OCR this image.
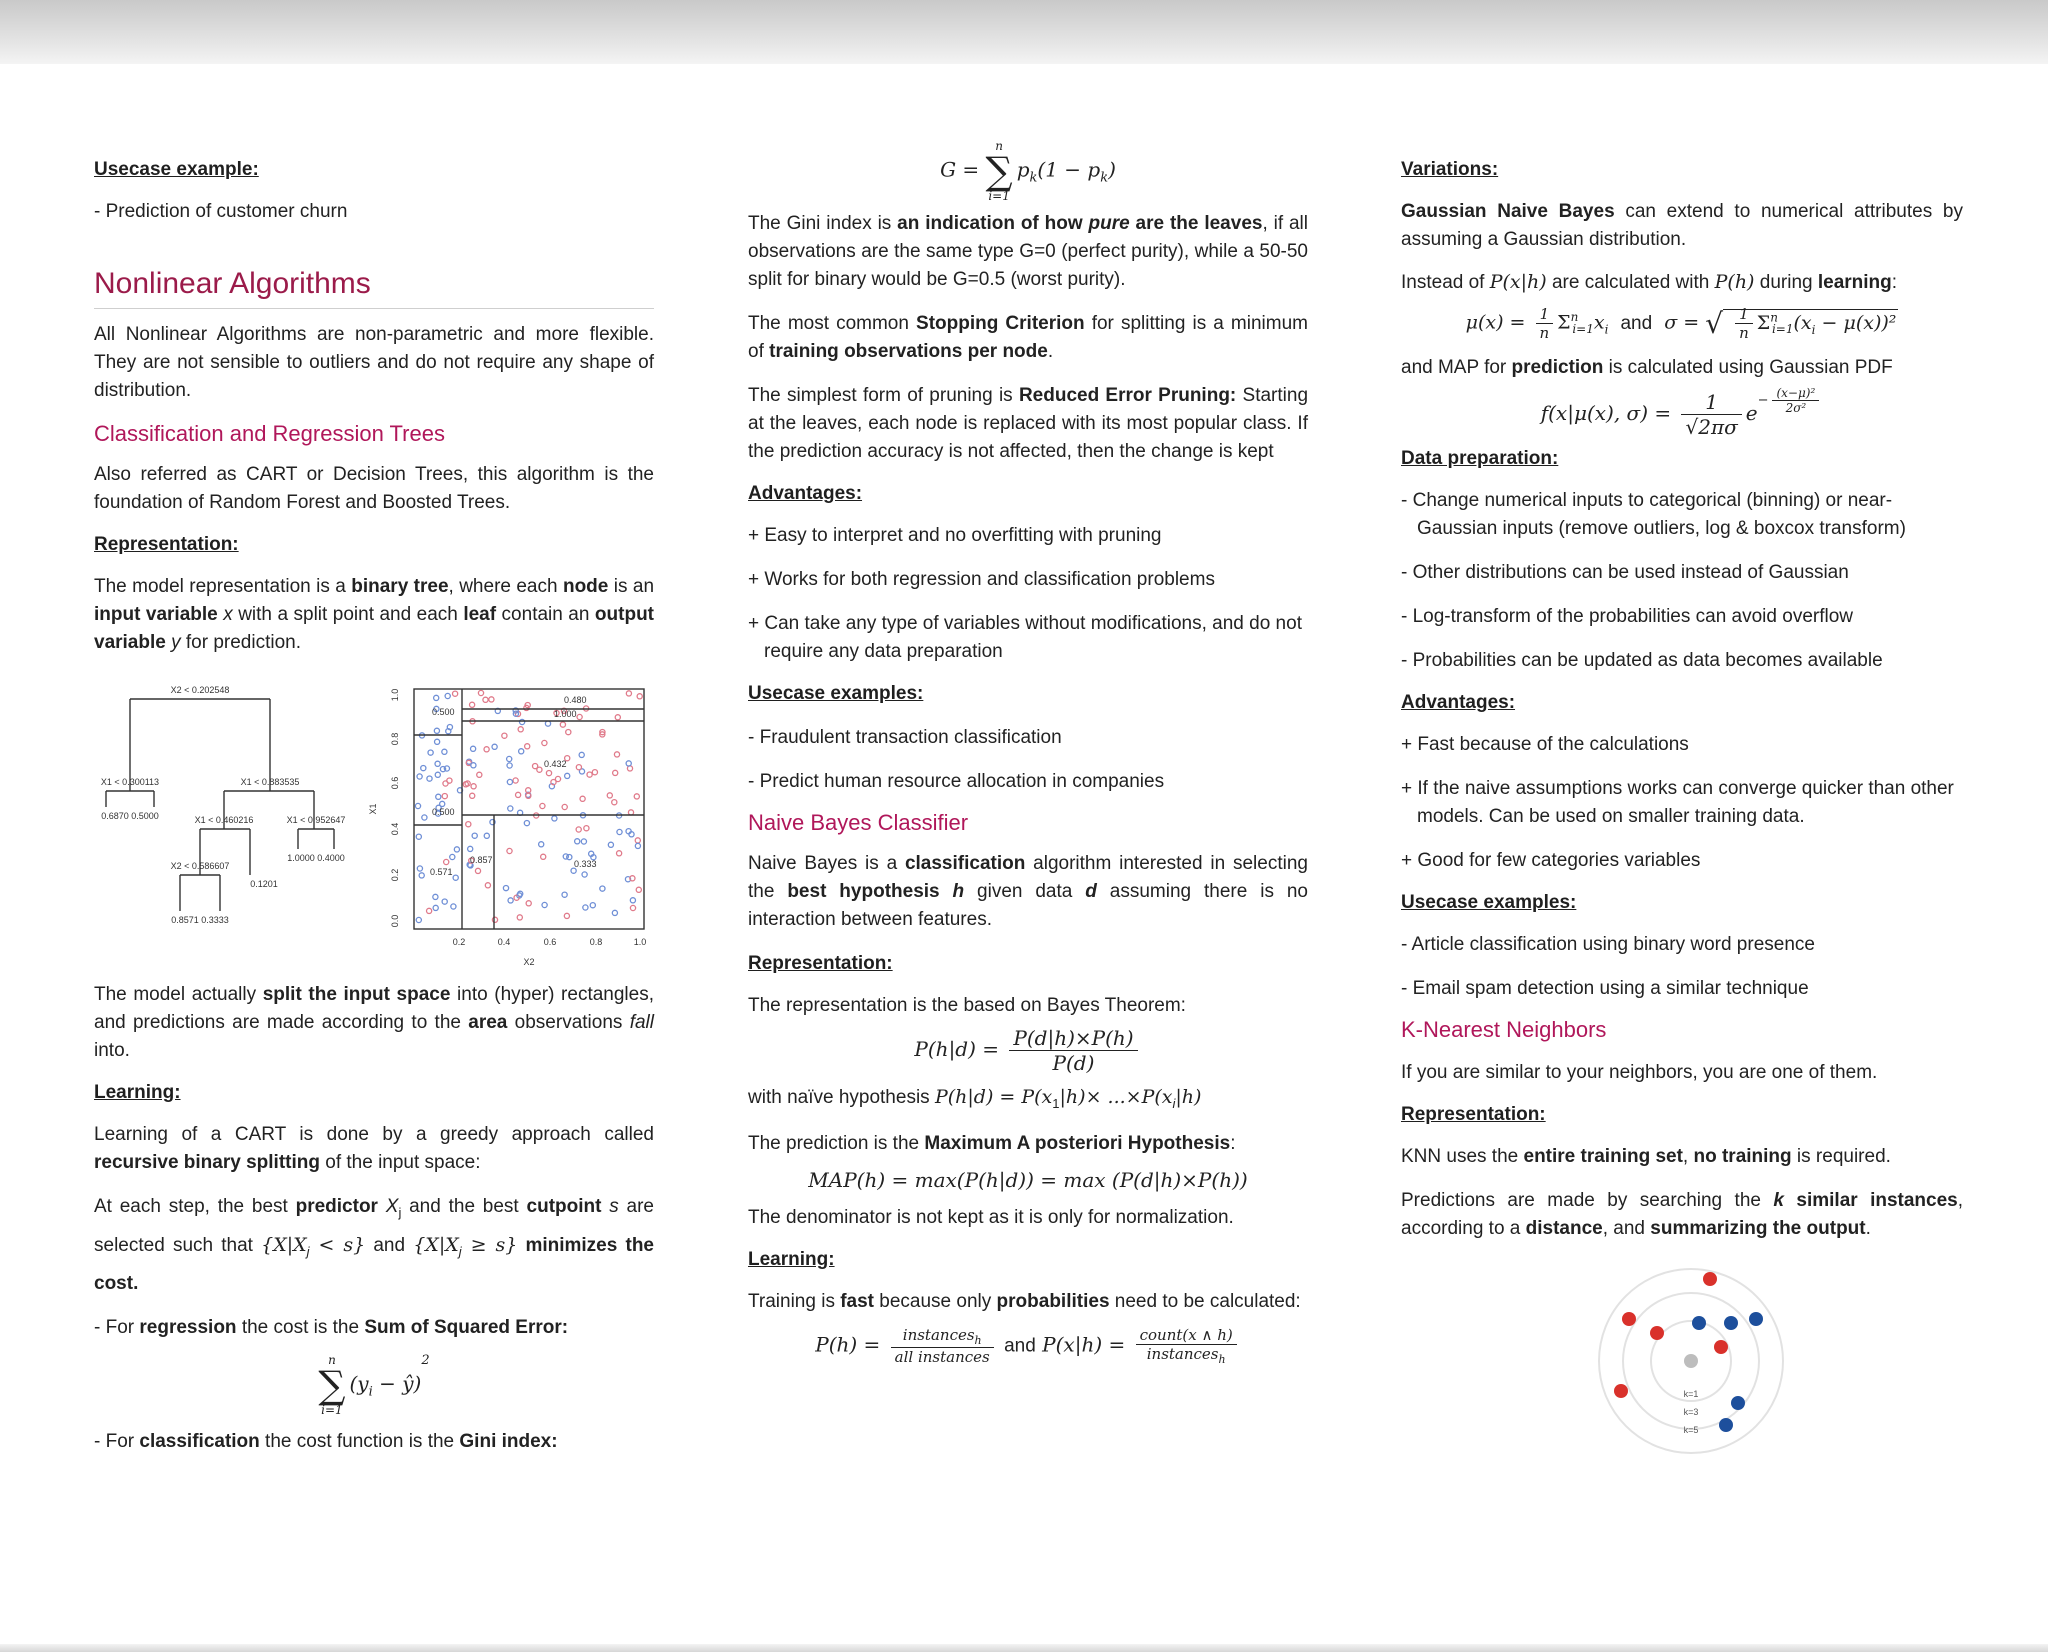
Usecase example:

- Prediction of customer churn

Nonlinear Algorithms

All Nonlinear Algorithms are non-parametric and more flexible. They are not sensible to outliers and do not require any shape of distribution.

Classification and Regression Trees

Also referred as CART or Decision Trees, this algorithm is the foundation of Random Forest and Boosted Trees.

Representation:

The model representation is a binary tree, where each node is an input variable x with a split point and each leaf contain an output variable y for prediction.

X2 < 0.202548
X1 < 0.300113	X1 < 0.883535
0.6870 0.5000	X1 < 0.460216	X1 < 0.952647
1.0000 0.4000
X2 < 0.586607
0.1201
0.8571 0.3333
0.480
1.000
0.500
0.432
0.857	0.333
0.500
0.571
0.2	0.4	0.6	0.8	1.0
X2
1.0
0.8
0.6
0.4
0.2
0.0
X1

The model actually split the input space into (hyper) rectangles, and predictions are made according to the area observations fall into.

Learning:

Learning of a CART is done by a greedy approach called recursive binary splitting of the input space:

At each step, the best predictor $X_j$ and the best cutpoint s are selected such that $\{X|X_j < s\}$ and $\{X|X_j \ge s\}$ minimizes the cost.

- For regression the cost is the Sum of Squared Error:

n
∑
i=1
($y_i$ − ŷ)$^2$

- For classification the cost function is the Gini index:

G =
n
∑
i=1
$p_k(1 - p_k)$

The Gini index is an indication of how pure are the leaves, if all observations are the same type G=0 (perfect purity), while a 50-50 split for binary would be G=0.5 (worst purity).

The most common Stopping Criterion for splitting is a minimum of training observations per node.

The simplest form of pruning is Reduced Error Pruning: Starting at the leaves, each node is replaced with its most popular class. If the prediction accuracy is not affected, then the change is kept

Advantages:
+ Easy to interpret and no overfitting with pruning
+ Works for both regression and classification problems
+ Can take any type of variables without modifications, and do not require any data preparation
Usecase examples:
- Fraudulent transaction classification
- Predict human resource allocation in companies
Naive Bayes Classifier

Naive Bayes is a classification algorithm interested in selecting the best hypothesis h given data d assuming there is no interaction between features.

Representation:

The representation is the based on Bayes Theorem:

$P(h|d) = \frac{P(d|h)\times P(h)}{P(d)}$

with naïve hypothesis $P(h|d) = P(x_1|h)\times ...\times P(x_i|h)$

The prediction is the Maximum A posteriori Hypothesis:

MAP(h) = max(P(h|d)) = max (P(d|h)×P(h))

The denominator is not kept as it is only for normalization.

Learning:

Training is fast because only probabilities need to be calculated:

$P(h) = \frac{instances_h}{\text{all instances}}$ and $P(x|h) = \frac{\text{count(x ∧ h)}}{instances_h}$
Variations:

Gaussian Naive Bayes can extend to numerical attributes by assuming a Gaussian distribution.

Instead of P(x|h) are calculated with P(h) during learning:

$\mu(x) = \frac{1}{n} \Sigma^n_{i=1}x_i$ and σ = √ $\frac{1}{n} \Sigma^n_{i=1}(x_i - \mu(x))^2$

and MAP for prediction is calculated using Gaussian PDF

f(x|μ(x), $\sigma) = \frac{1}{√2\pi\sigma}$ e
− $\frac{\text{(x−μ)²}}{\text{2σ²}}$
Data preparation:
- Change numerical inputs to categorical (binning) or near-Gaussian inputs (remove outliers, log & boxcox transform)
- Other distributions can be used instead of Gaussian
- Log-transform of the probabilities can avoid overflow
- Probabilities can be updated as data becomes available
Advantages:
+ Fast because of the calculations
+ If the naive assumptions works can converge quicker than other models. Can be used on smaller training data.
+ Good for few categories variables
Usecase examples:
- Article classification using binary word presence
- Email spam detection using a similar technique
K-Nearest Neighbors

If you are similar to your neighbors, you are one of them.

Representation:

KNN uses the entire training set, no training is required.

Predictions are made by searching the k similar instances, according to a distance, and summarizing the output.

k=1
k=3
k=5
